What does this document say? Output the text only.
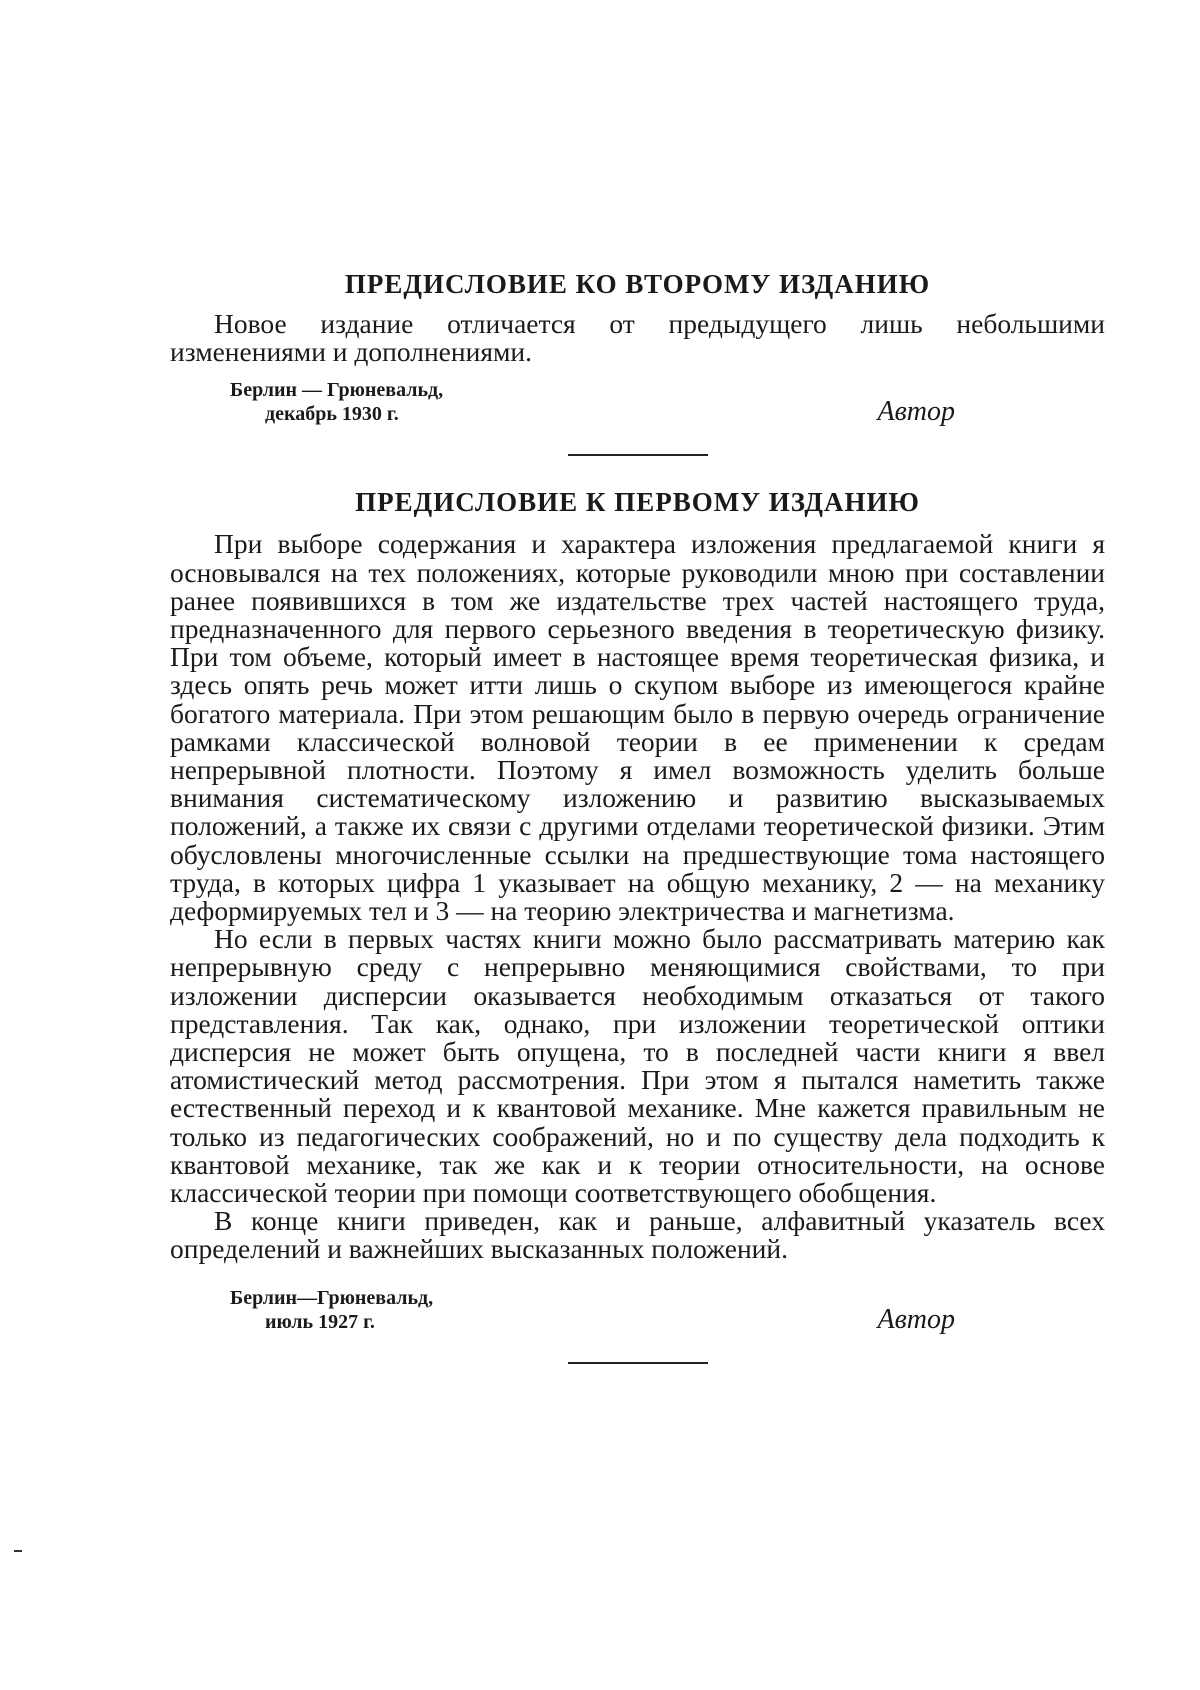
ПРЕДИСЛОВИЕ КО ВТОРОМУ ИЗДАНИЮ

Новое издание отличается от предыдущего лишь небольшими изменениями и дополнениями.

Берлин — Грюневальд,
декабрь 1930 г.	Автор
ПРЕДИСЛОВИЕ К ПЕРВОМУ ИЗДАНИЮ

При выборе содержания и характера изложения предлагаемой книги я основывался на тех положениях, которые руководили мною при составлении ранее появившихся в том же издательстве трех частей настоящего труда, предназначенного для первого серьезного введения в теоретическую физику. При том объеме, который имеет в настоящее время теоретическая физика, и здесь опять речь может итти лишь о скупом выборе из имеющегося крайне богатого материала. При этом решающим было в первую очередь ограничение рамками классической волновой теории в ее применении к средам непрерывной плотности. Поэтому я имел возможность уделить больше внимания систематическому изложению и развитию высказываемых положений, а также их связи с другими отделами теоретической физики. Этим обусловлены многочисленные ссылки на предшествующие тома настоящего труда, в которых цифра 1 указывает на общую механику, 2 — на механику деформируемых тел и 3 — на теорию электричества и магнетизма.

Но если в первых частях книги можно было рассматривать материю как непрерывную среду с непрерывно меняющимися свойствами, то при изложении дисперсии оказывается необходимым отказаться от такого представления. Так как, однако, при изложении теоретической оптики дисперсия не может быть опущена, то в последней части книги я ввел атомистический метод рассмотрения. При этом я пытался наметить также естественный переход и к квантовой механике. Мне кажется правильным не только из педагогических соображений, но и по существу дела подходить к квантовой механике, так же как и к теории относительности, на основе классической теории при помощи соответствующего обобщения.

В конце книги приведен, как и раньше, алфавитный указатель всех определений и важнейших высказанных положений.

Берлин—Грюневальд,
июль 1927 г.	Автор
